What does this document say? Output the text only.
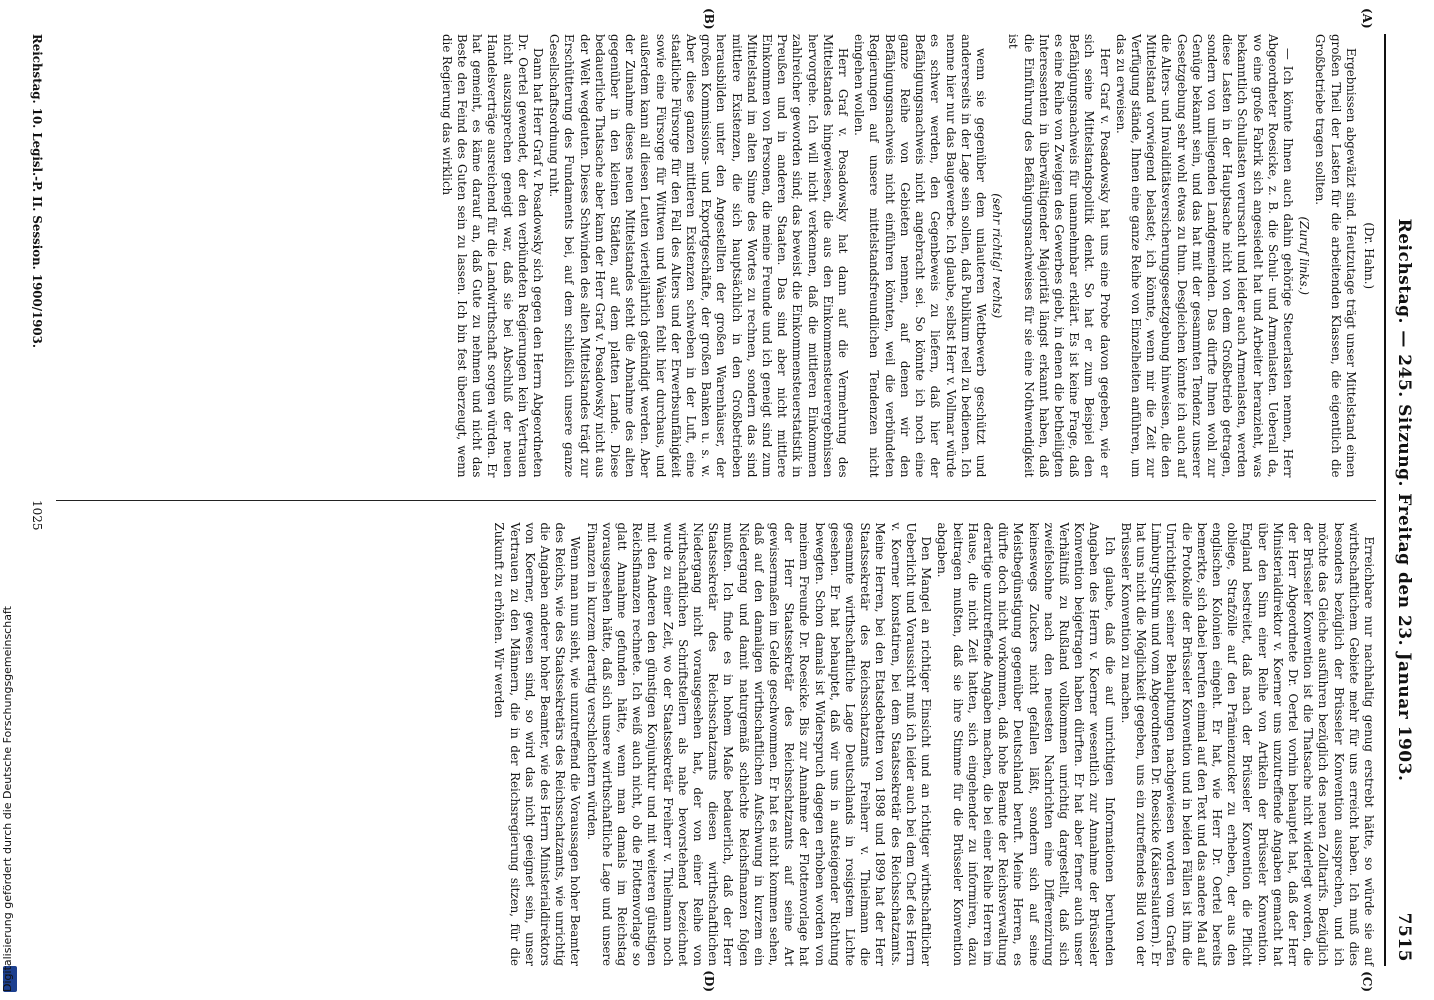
Digitalisierung gefördert durch die Deutsche Forschungsgemeinschaft
Reichstag. — 245. Sitzung. Freitag den 23. Januar 1903.
7515
(A)
(B)

(Dr. Hahn.)

Ergebnissen abgewälzt sind. Heutzutage trägt unser Mittelstand einen großen Theil der Lasten für die arbeitenden Klassen, die eigentlich die Großbetriebe tragen sollten.

(Zuruf links.)

— Ich könnte Ihnen auch dahin gehörige Steuerlasten nennen, Herr Abgeordneter Roesicke, z. B. die Schul- und Armenlasten. Ueberall da, wo eine große Fabrik sich angesiedelt hat und Arbeiter heranzieht, was bekanntlich Schullasten verursacht und leider auch Armenlasten, werden diese Lasten in der Hauptsache nicht von dem Großbetrieb getragen, sondern von umliegenden Landgemeinden. Das dürfte Ihnen wohl zur Genüge bekannt sein, und das hat mit der gesammten Tendenz unserer Gesetzgebung sehr wohl etwas zu thun. Desgleichen könnte ich auch auf die Alters- und Invaliditätsversicherungsgesetzgebung hinweisen, die den Mittelstand vorwiegend belastet; ich könnte, wenn mir die Zeit zur Verfügung stände, Ihnen eine ganze Reihe von Einzelheiten anführen, um das zu erweisen.

Herr Graf v. Posadowsky hat uns eine Probe davon gegeben, wie er sich seine Mittelstandspolitik denkt. So hat er zum Beispiel den Befähigungsnachweis für unannehmbar erklärt. Es ist keine Frage, daß es eine Reihe von Zweigen des Gewerbes giebt, in denen die betheiligten Interessenten in überwältigender Majorität längst erkannt haben, daß die Einführung des Befähigungsnachweises für sie eine Nothwendigkeit ist

(sehr richtig! rechts)

wenn sie gegenüber dem unlauteren Wettbewerb geschützt und andererseits in der Lage sein sollen, daß Publikum reell zu bedienen. Ich nenne hier nur das Baugewerbe. Ich glaube, selbst Herr v. Vollmar würde es schwer werden, den Gegenbeweis zu liefern, daß hier der Befähigungsnachweis nicht angebracht sei. So könnte ich noch eine ganze Reihe von Gebieten nennen, auf denen wir den Befähigungsnachweis nicht einführen könnten, weil die verbündeten Regierungen auf unsere mittelstandsfreundlichen Tendenzen nicht eingehen wollen.

Herr Graf v. Posadowsky hat dann auf die Vermehrung des Mittelstandes hingewiesen, die aus den Einkommensteuerergebnissen hervorgehe. Ich will nicht verkennen, daß die mittleren Einkommen zahlreicher geworden sind; das beweist die Einkommensteuerstatistik in Preußen und in anderen Staaten. Das sind aber nicht mittlere Einkommen von Personen, die meine Freunde und ich geneigt sind zum Mittelstand im alten Sinne des Wortes zu rechnen, sondern das sind mittlere Existenzen, die sich hauptsächlich in den Großbetrieben herausbilden unter den Angestellten der großen Warenhäuser, der großen Kommissions- und Exportgeschäfte, der großen Banken u. s. w. Aber diese ganzen mittleren Existenzen schweben in der Luft, eine staatliche Fürsorge für den Fall des Alters und der Erwerbsunfähigkeit sowie eine Fürsorge für Wittwen und Waisen fehlt hier durchaus, und außerdem kann all diesen Leuten vierteljährlich gekündigt werden. Aber der Zunahme dieses neuen Mittelstandes steht die Abnahme des alten gegenüber in den kleinen Städten, auf dem platten Lande. Diese bedauerliche Thatsache aber kann der Herr Graf v. Posadowsky nicht aus der Welt wegdeuten. Dieses Schwinden des alten Mittelstandes trägt zur Erschütterung des Fundaments bei, auf dem schließlich unsere ganze Gesellschaftsordnung ruht.

Dann hat Herr Graf v. Posadowsky sich gegen den Herrn Abgeordneten Dr. Oertel gewendet, der den verbündeten Regierungen kein Vertrauen nicht auszusprechen geneigt war, daß sie bei Abschluß der neuen Handelsverträge ausreichend für die Landwirthschaft sorgen würden. Er hat gemeint, es käme darauf an, daß Gute zu nehmen und nicht das Beste den Feind des Guten sein zu lassen. Ich bin fest überzeugt, wenn die Regierung das wirklich

(C)
(D)

Erreichbare nur nachhaltig genug erstrebt hätte, so würde sie auf wirthschaftlichem Gebiete mehr für uns erreicht haben. Ich muß dies besonders bezüglich der Brüsseler Konvention aussprechen, und ich möchte das Gleiche ausführen bezüglich des neuen Zolltarifs. Bezüglich der Brüsseler Konvention ist die Thatsache nicht widerlegt worden, die der Herr Abgeordnete Dr. Oertel vorhin behauptet hat, daß der Herr Ministerialdirektor v. Koerner uns unzutreffende Angaben gemacht hat über den Sinn einer Reihe von Artikeln der Brüsseler Konvention. England bestreitet, daß nach der Brüsseler Konvention die Pflicht obliege, Strafzölle auf den Prämienzucker zu erheben, der aus den englischen Kolonien eingeht. Er hat, wie Herr Dr. Oertel bereits bemerkte, sich dabei berufen einmal auf den Text und das andere Mal auf die Protokolle der Brüsseler Konvention und in beiden Fällen ist ihm die Unrichtigkeit seiner Behauptungen nachgewiesen worden vom Grafen Limburg-Stirum und vom Abgeordneten Dr. Roesicke (Kaiserslautern). Er hat uns nicht die Möglichkeit gegeben, uns ein zutreffendes Bild von der Brüsseler Konvention zu machen.

Ich glaube, daß die auf unrichtigen Informationen beruhenden Angaben des Herrn v. Koerner wesentlich zur Annahme der Brüsseler Konvention beigetragen haben dürften. Er hat aber ferner auch unser Verhältniß zu Rußland vollkommen unrichtig dargestellt, daß sich zweifelsohne nach den neuesten Nachrichten eine Differenzirung keineswegs Zuckers nicht gefallen läßt, sondern sich auf seine Meistbegünstigung gegenüber Deutschland beruft. Meine Herren, es dürfte doch nicht vorkommen, daß hohe Beamte der Reichsverwaltung derartige unzutreffende Angaben machen, die bei einer Reihe Herren im Hause, die nicht Zeit hatten, sich eingehender zu informiren, dazu beitragen mußten, daß sie ihre Stimme für die Brüsseler Konvention abgaben.

Den Mangel an richtiger Einsicht und an richtiger wirthschaftlicher Ueberlicht und Voraussicht muß ich leider auch bei dem Chef des Herrn v. Koerner konstatiren, bei dem Staatssekretär des Reichsschatzamts. Meine Herren, bei den Etatsdebatten von 1898 und 1899 hat der Herr Staatssekretär des Reichsschatzamts Freiherr v. Thielmann die gesammte wirthschaftliche Lage Deutschlands in rosigstem Lichte gesehen. Er hat behauptet, daß wir uns in aufsteigender Richtung bewegten. Schon damals ist Widerspruch dagegen erhoben worden von meinem Freunde Dr. Roesicke. Bis zur Annahme der Flottenvorlage hat der Herr Staatssekretär des Reichsschatzamts auf seine Art gewissermaßen im Gelde geschwommen. Er hat es nicht kommen sehen, daß auf den damaligen wirthschaftlichen Aufschwung in kurzem ein Niedergang und damit naturgemäß schlechte Reichsfinanzen folgen mußten. Ich finde es in hohem Maße bedauerlich, daß der Herr Staatssekretär des Reichsschatzamts diesen wirthschaftlichen Niedergang nicht vorausgesehen hat, der von einer Reihe von wirthschaftlichen Schriftstellern als nahe bevorstehend bezeichnet wurde zu einer Zeit, wo der Staatssekretär Freiherr v. Thielmann noch mit den Anderen den günstigen Konjunktur und mit weiteren günstigen Reichsfinanzen rechnete. Ich weiß auch nicht, ob die Flottenvorlage so glatt Annahme gefunden hätte, wenn man damals im Reichstag vorausgesehen hätte, daß sich unsere wirthschaftliche Lage und unsere Finanzen in kurzem derartig verschlechtern würden.

Wenn man nun sieht, wie unzutreffend die Voraussagen hoher Beamter des Reichs, wie des Staatssekretärs des Reichsschatzamts, wie unrichtig die Angaben anderer hoher Beamter, wie des Herrn Ministerialdirektors von Koerner, gewesen sind, so wird das nicht geeignet sein, unser Vertrauen zu den Männern, die in der Reichsregierung sitzen, für die Zukunft zu erhöhen. Wir werden

Reichstag. 10. Legisl.-P. II. Session. 1900/1903.
1025
